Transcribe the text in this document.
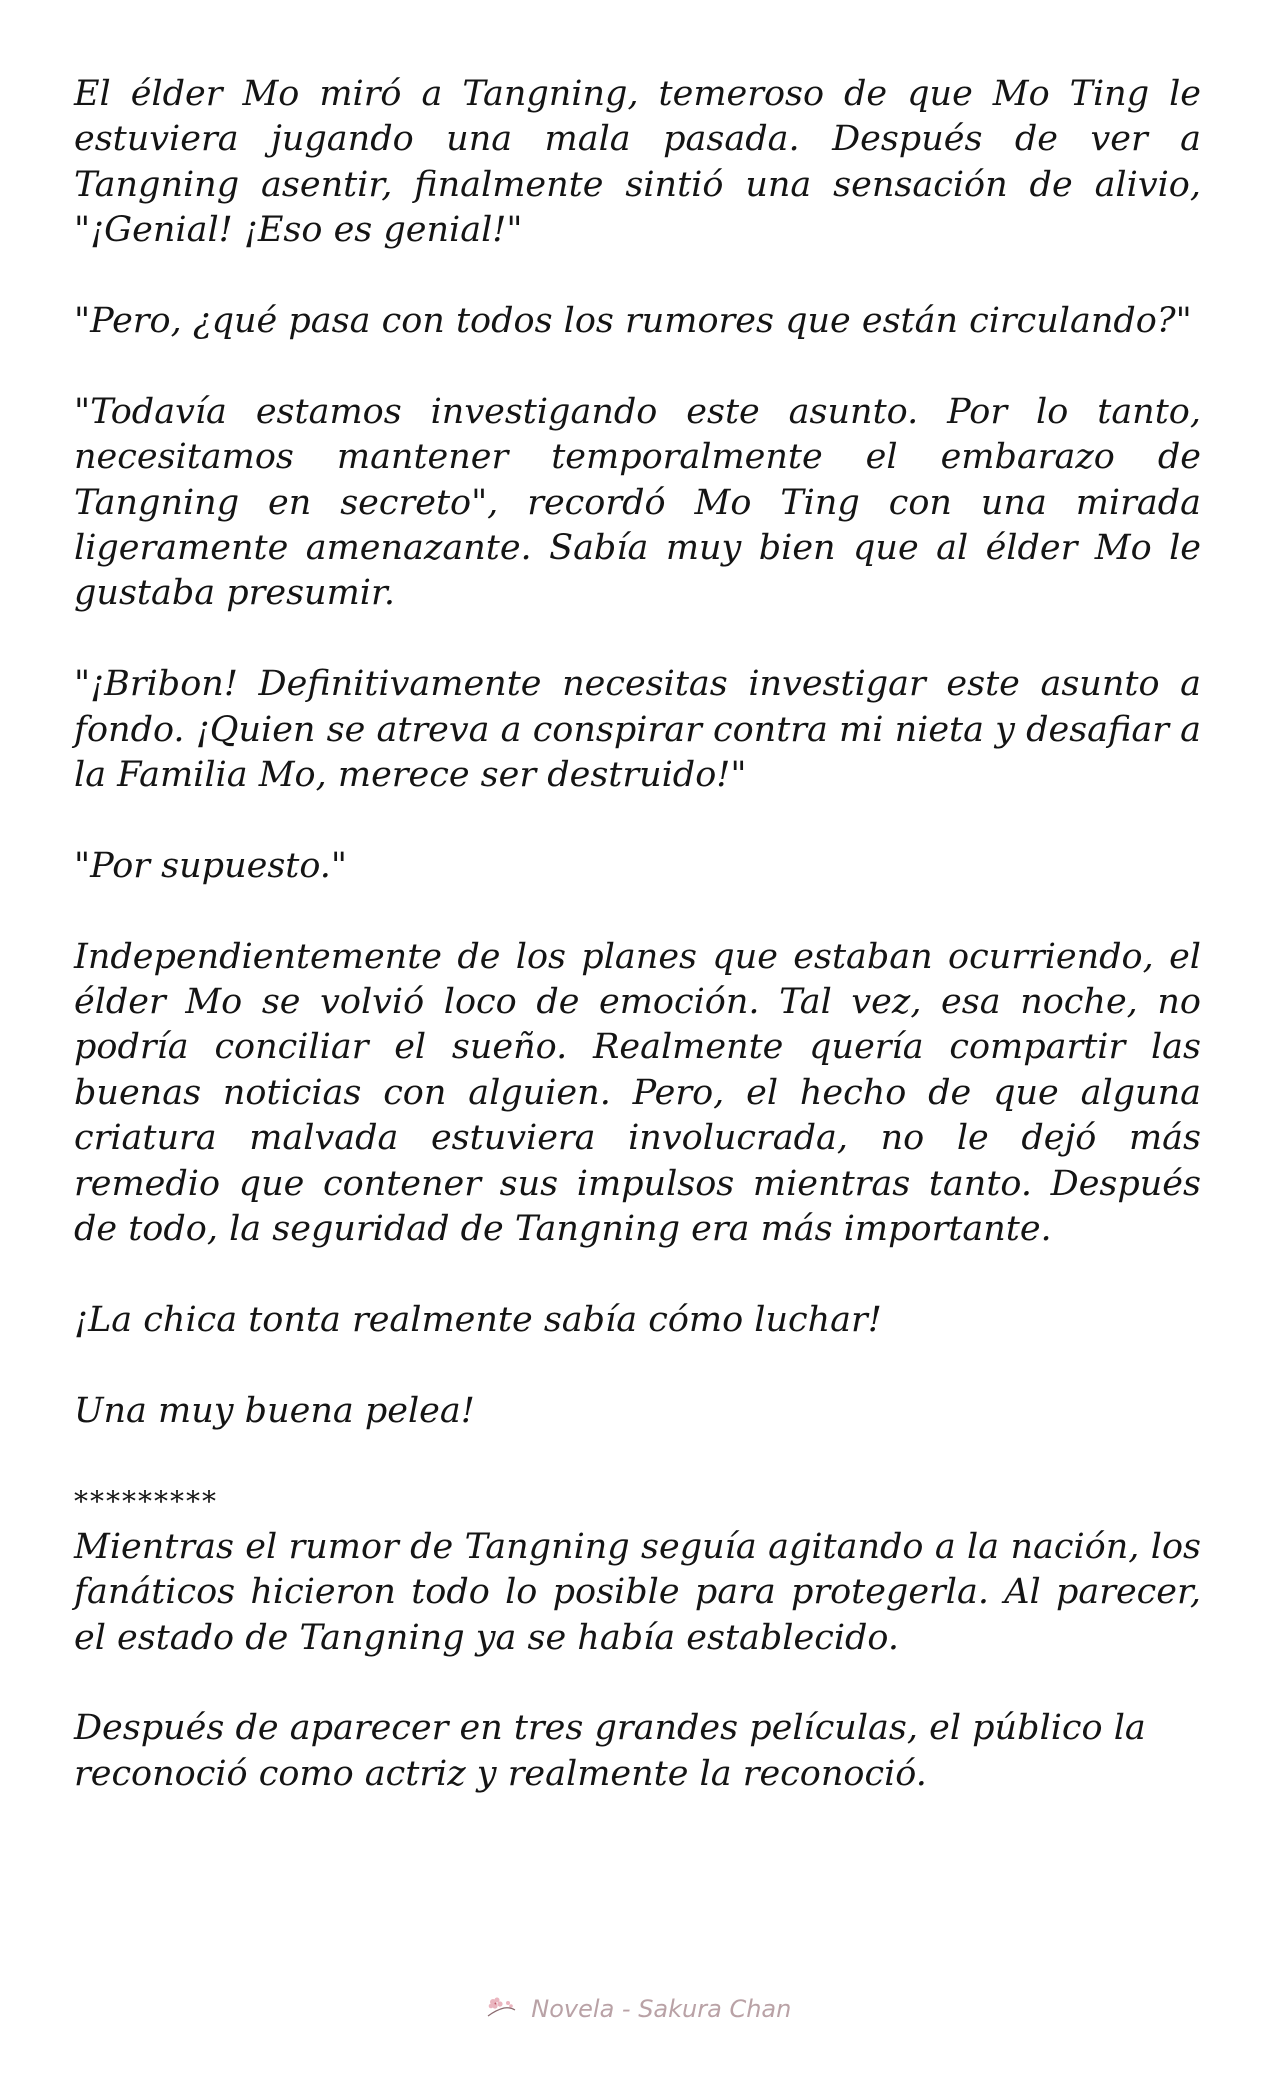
El élder Mo miró a Tangning, temeroso de que Mo Ting le estuviera jugando una mala pasada. Después de ver a Tangning asentir, finalmente sintió una sensación de alivio, "¡Genial! ¡Eso es genial!"

"Pero, ¿qué pasa con todos los rumores que están circulando?"

"Todavía estamos investigando este asunto. Por lo tanto, necesitamos mantener temporalmente el embarazo de Tangning en secreto", recordó Mo Ting con una mirada ligeramente amenazante. Sabía muy bien que al élder Mo le gustaba presumir.

"¡Bribon! Definitivamente necesitas investigar este asunto a fondo. ¡Quien se atreva a conspirar contra mi nieta y desafiar a la Familia Mo, merece ser destruido!"

"Por supuesto."

Independientemente de los planes que estaban ocurriendo, el élder Mo se volvió loco de emoción. Tal vez, esa noche, no podría conciliar el sueño. Realmente quería compartir las buenas noticias con alguien. Pero, el hecho de que alguna criatura malvada estuviera involucrada, no le dejó más remedio que contener sus impulsos mientras tanto. Después de todo, la seguridad de Tangning era más importante.

¡La chica tonta realmente sabía cómo luchar!

Una muy buena pelea!

*********

Mientras el rumor de Tangning seguía agitando a la nación, los fanáticos hicieron todo lo posible para protegerla. Al parecer, el estado de Tangning ya se había establecido.

Después de aparecer en tres grandes películas, el público la reconoció como actriz y realmente la reconoció.

Novela - Sakura Chan
